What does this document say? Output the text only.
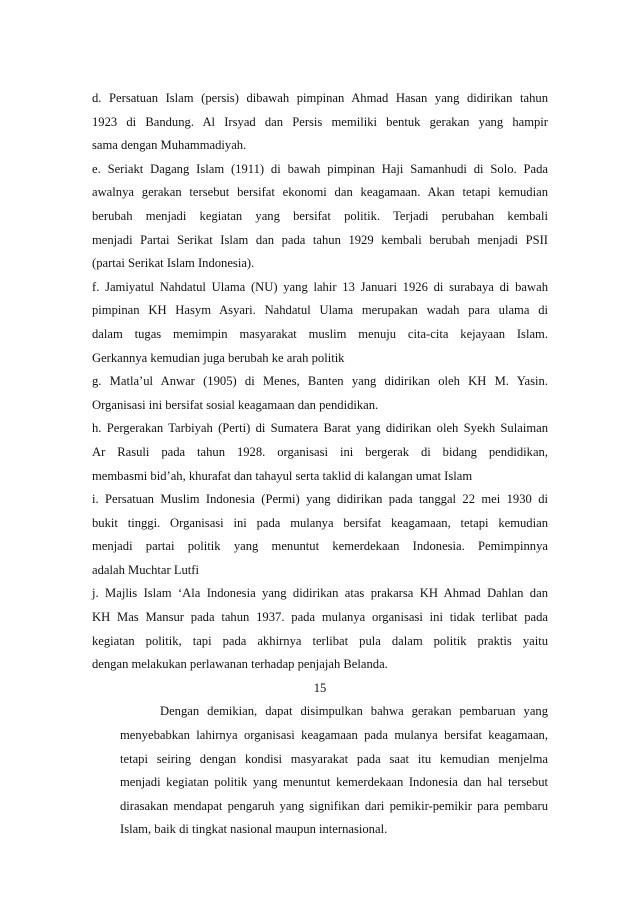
d. Persatuan Islam (persis) dibawah pimpinan Ahmad Hasan yang didirikan tahun
1923 di Bandung. Al Irsyad dan Persis memiliki bentuk gerakan yang hampir
sama dengan Muhammadiyah.
e. Seriakt Dagang Islam (1911) di bawah pimpinan Haji Samanhudi di Solo. Pada
awalnya gerakan tersebut bersifat ekonomi dan keagamaan. Akan tetapi kemudian
berubah menjadi kegiatan yang bersifat politik. Terjadi perubahan kembali
menjadi Partai Serikat Islam dan pada tahun 1929 kembali berubah menjadi PSII
(partai Serikat Islam Indonesia).
f. Jamiyatul Nahdatul Ulama (NU) yang lahir 13 Januari 1926 di surabaya di bawah
pimpinan KH Hasym Asyari. Nahdatul Ulama merupakan wadah para ulama di
dalam tugas memimpin masyarakat muslim menuju cita-cita kejayaan Islam.
Gerkannya kemudian juga berubah ke arah politik
g. Matla’ul Anwar (1905) di Menes, Banten yang didirikan oleh KH M. Yasin.
Organisasi ini bersifat sosial keagamaan dan pendidikan.
h. Pergerakan Tarbiyah (Perti) di Sumatera Barat yang didirikan oleh Syekh Sulaiman
Ar Rasuli pada tahun 1928. organisasi ini bergerak di bidang pendidikan,
membasmi bid’ah, khurafat dan tahayul serta taklid di kalangan umat Islam
i. Persatuan Muslim Indonesia (Permi) yang didirikan pada tanggal 22 mei 1930 di
bukit tinggi. Organisasi ini pada mulanya bersifat keagamaan, tetapi kemudian
menjadi partai politik yang menuntut kemerdekaan Indonesia. Pemimpinnya
adalah Muchtar Lutfi
j. Majlis Islam ‘Ala Indonesia yang didirikan atas prakarsa KH Ahmad Dahlan dan
KH Mas Mansur pada tahun 1937. pada mulanya organisasi ini tidak terlibat pada
kegiatan politik, tapi pada akhirnya terlibat pula dalam politik praktis yaitu
dengan melakukan perlawanan terhadap penjajah Belanda.
15
Dengan demikian, dapat disimpulkan bahwa gerakan pembaruan yang
menyebabkan lahirnya organisasi keagamaan pada mulanya bersifat keagamaan,
tetapi seiring dengan kondisi masyarakat pada saat itu kemudian menjelma
menjadi kegiatan politik yang menuntut kemerdekaan Indonesia dan hal tersebut
dirasakan mendapat pengaruh yang signifikan dari pemikir-pemikir para pembaru
Islam, baik di tingkat nasional maupun internasional.
